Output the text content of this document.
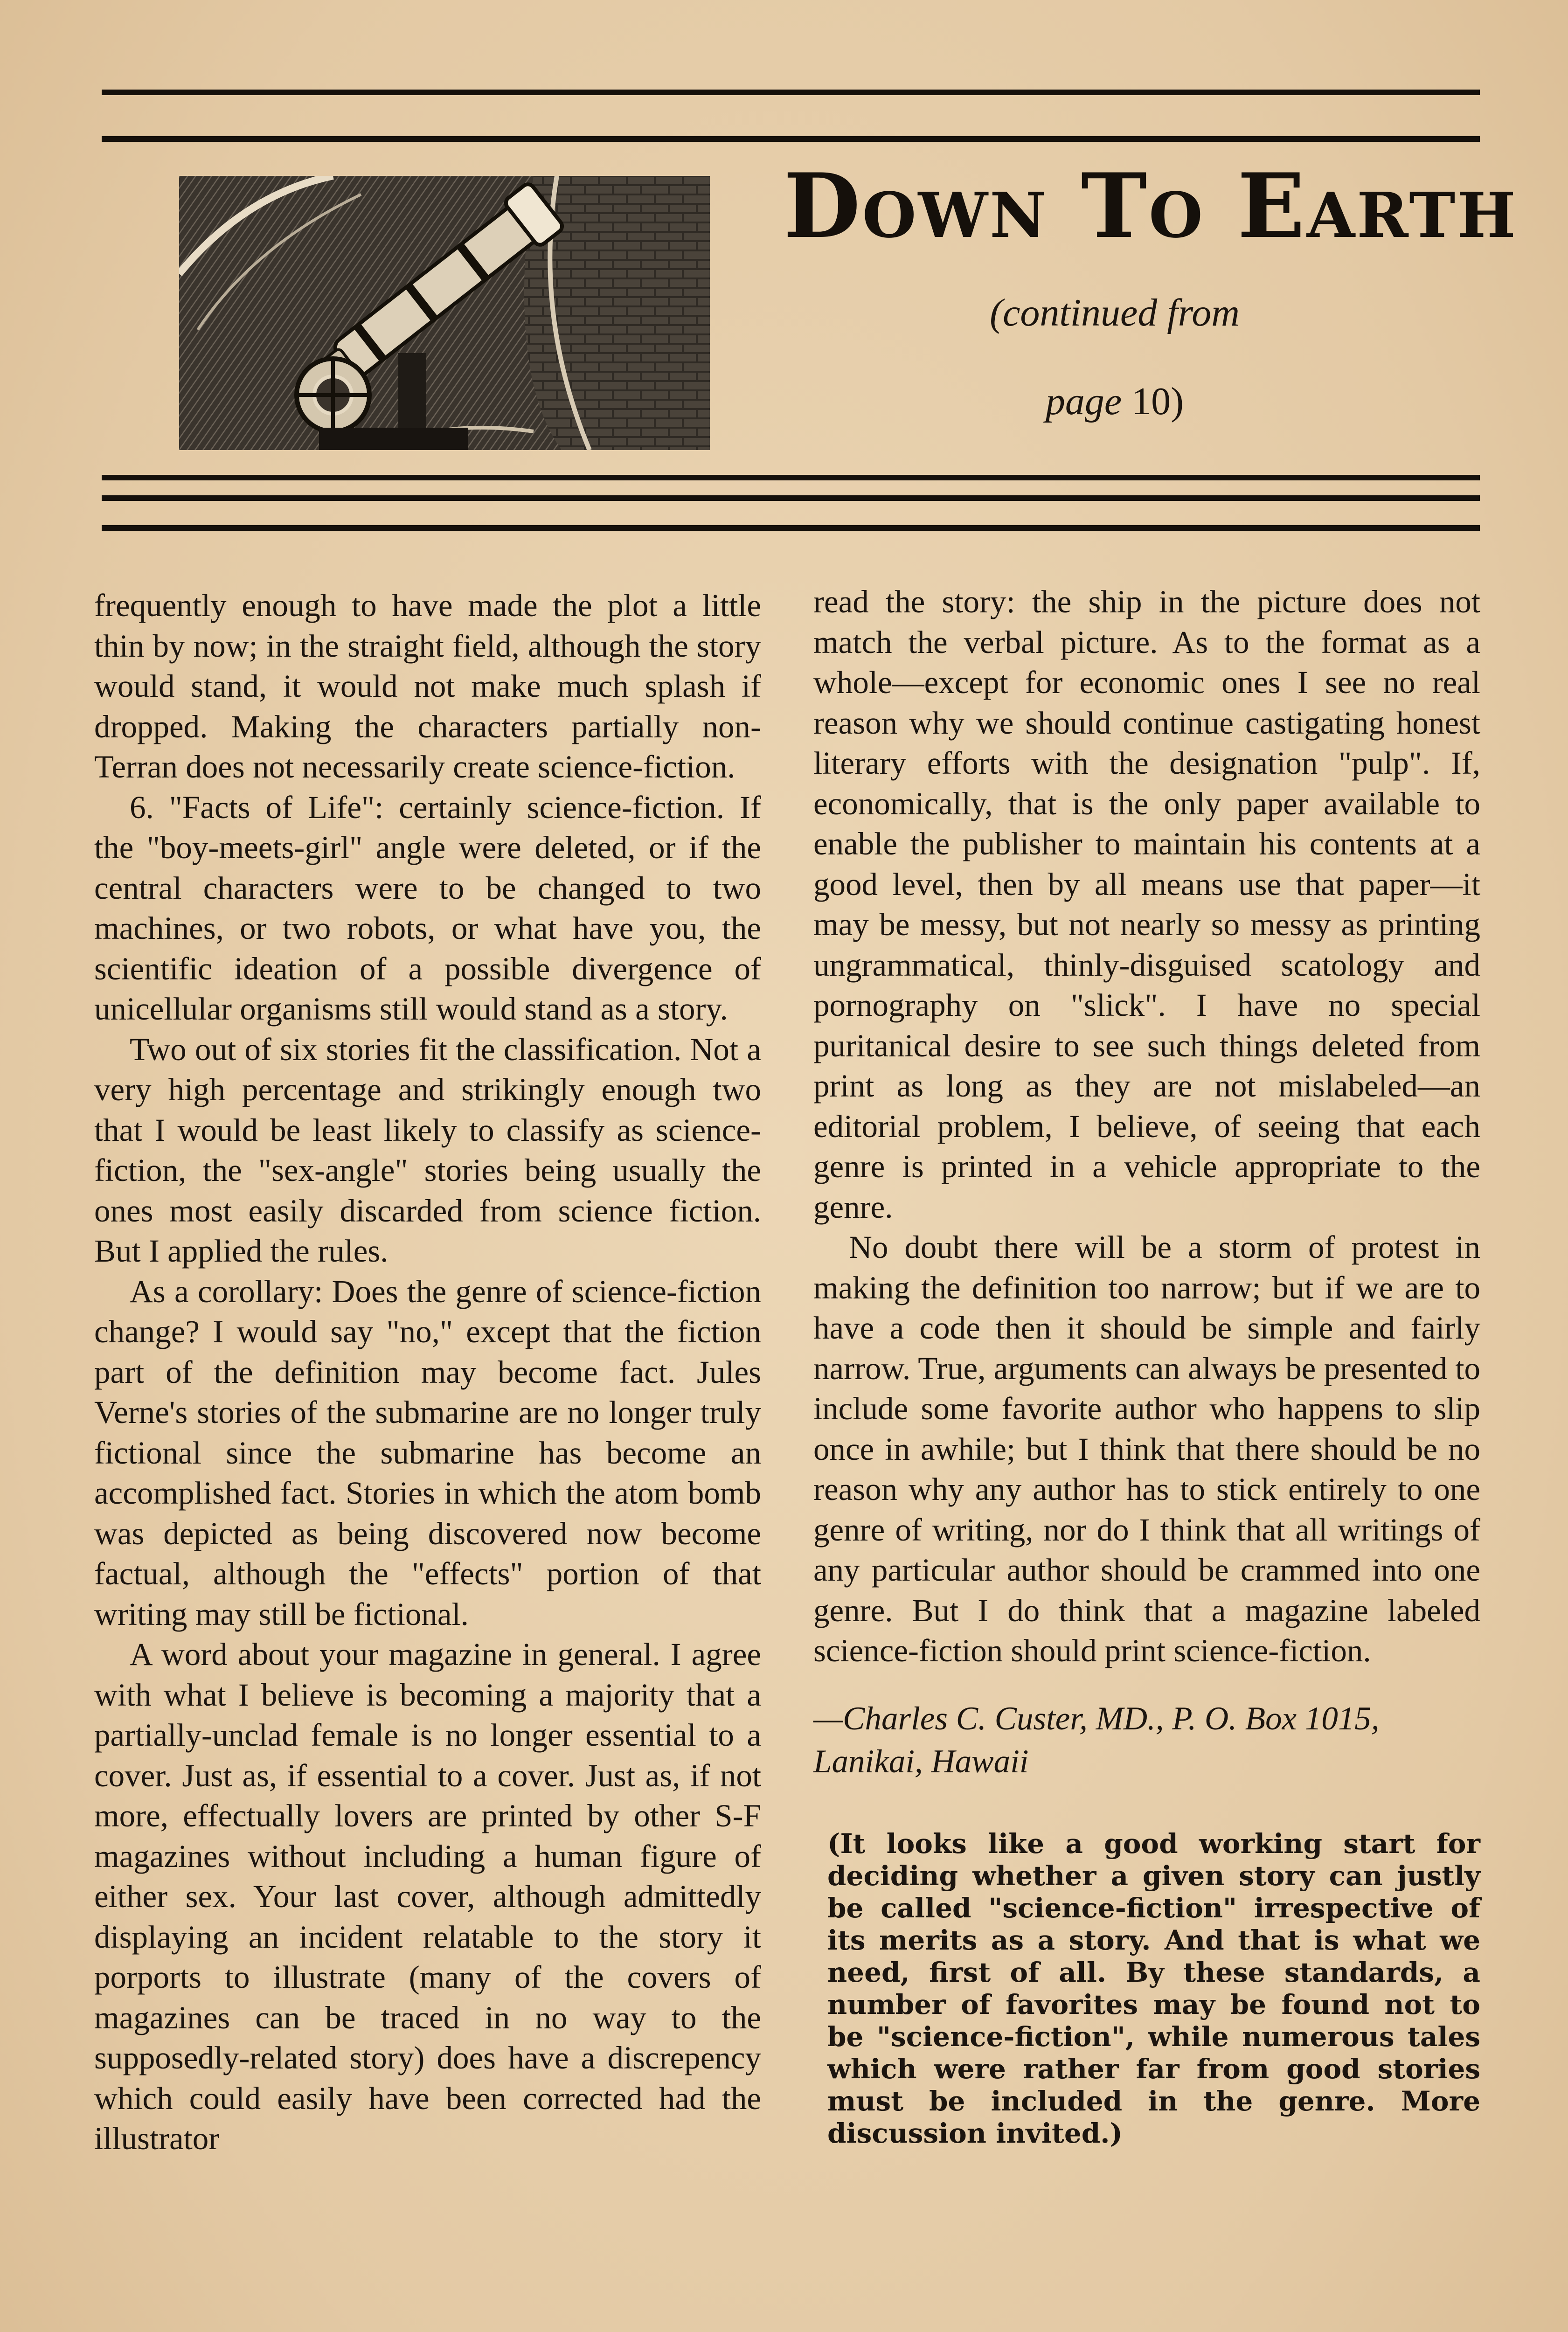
Down To Earth
(continued from
page 10)

frequently enough to have made the plot a little thin by now; in the straight field, although the story would stand, it would not make much splash if dropped. Making the characters partially non-Terran does not necessarily create science-fiction.

6. "Facts of Life": certainly science-fiction. If the "boy-meets-girl" angle were deleted, or if the central characters were to be changed to two machines, or two robots, or what have you, the scientific ideation of a possible divergence of unicellular organisms still would stand as a story.

Two out of six stories fit the classification. Not a very high percentage and strikingly enough two that I would be least likely to classify as science-fiction, the "sex-angle" stories being usually the ones most easily discarded from science fiction. But I applied the rules.

As a corollary: Does the genre of science-fiction change? I would say "no," except that the fiction part of the definition may become fact. Jules Verne's stories of the submarine are no longer truly fictional since the submarine has become an accomplished fact. Stories in which the atom bomb was depicted as being discovered now become factual, although the "effects" portion of that writing may still be fictional.

A word about your magazine in general. I agree with what I believe is becoming a majority that a partially-unclad female is no longer essential to a cover. Just as, if essential to a cover. Just as, if not more, effectually lovers are printed by other S-F magazines without including a human figure of either sex. Your last cover, although admittedly displaying an incident relatable to the story it porports to illustrate (many of the covers of magazines can be traced in no way to the supposedly-related story) does have a discrepency which could easily have been corrected had the illustrator

read the story: the ship in the picture does not match the verbal picture. As to the format as a whole—except for economic ones I see no real reason why we should continue castigating honest literary efforts with the designation "pulp". If, economically, that is the only paper available to enable the publisher to maintain his contents at a good level, then by all means use that paper—it may be messy, but not nearly so messy as printing ungrammatical, thinly-disguised scatology and pornography on "slick". I have no special puritanical desire to see such things deleted from print as long as they are not mislabeled—an editorial problem, I believe, of seeing that each genre is printed in a vehicle appropriate to the genre.

No doubt there will be a storm of protest in making the definition too narrow; but if we are to have a code then it should be simple and fairly narrow. True, arguments can always be presented to include some favorite author who happens to slip once in awhile; but I think that there should be no reason why any author has to stick entirely to one genre of writing, nor do I think that all writings of any particular author should be crammed into one genre. But I do think that a magazine labeled science-fiction should print science-fiction.

—Charles C. Custer, MD., P. O. Box 1015,
Lanikai, Hawaii
(It looks like a good working start for deciding whether a given story can justly be called "science-fiction" irrespective of its merits as a story. And that is what we need, first of all. By these standards, a number of favorites may be found not to be "science-fiction", while numerous tales which were rather far from good stories must be included in the genre. More discussion invited.)
